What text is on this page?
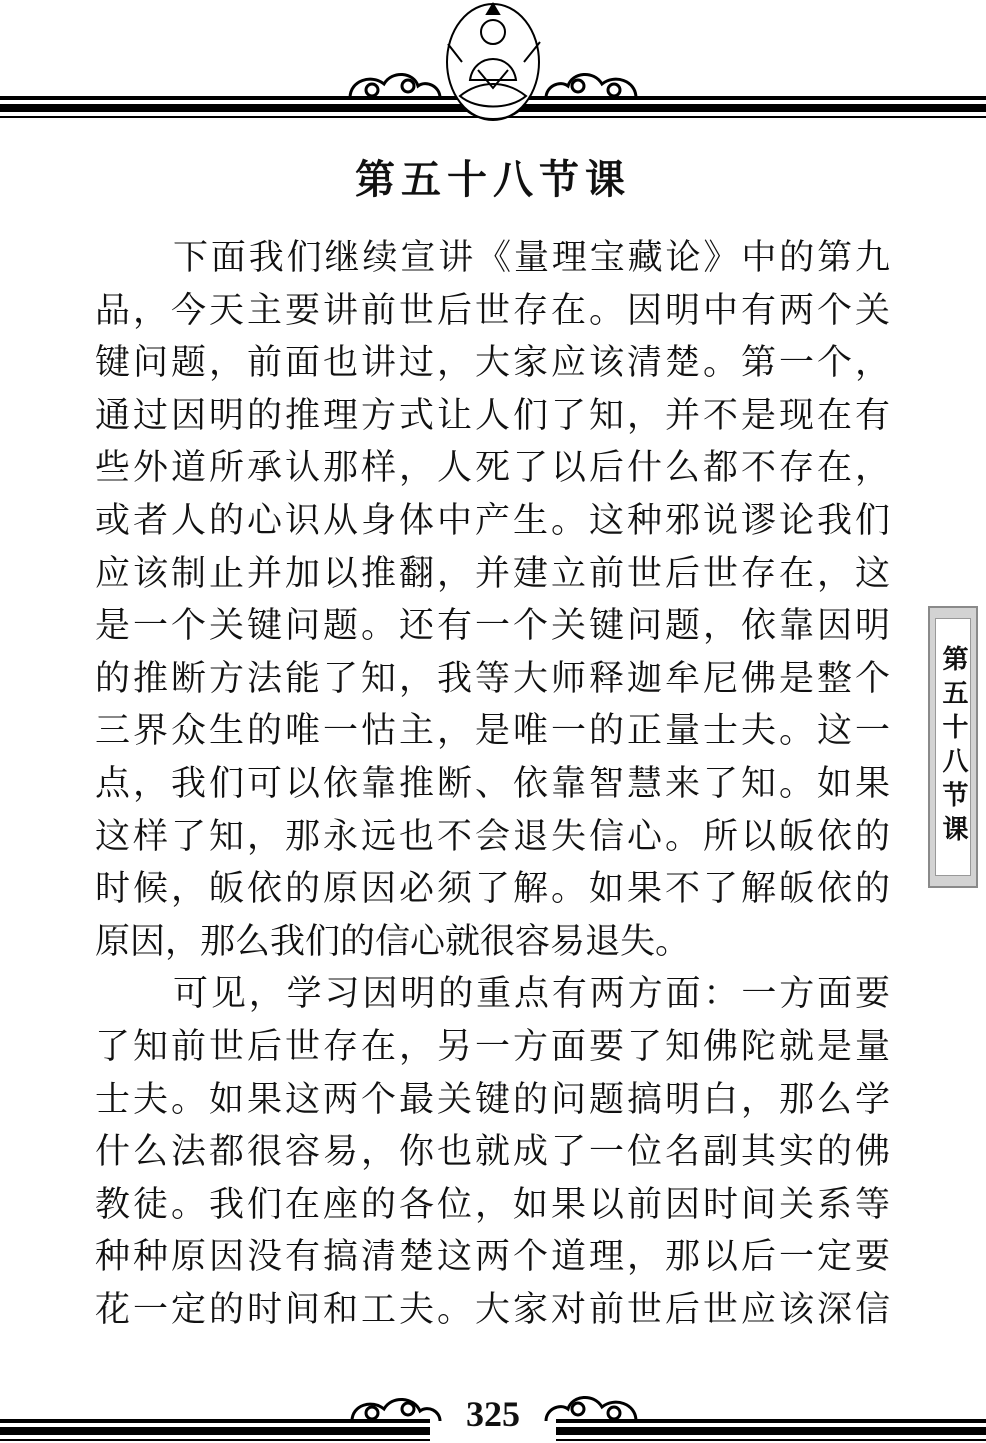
第五十八节课
下面我们继续宣讲《量理宝藏论》中的第九
品，今天主要讲前世后世存在。因明中有两个关
键问题，前面也讲过，大家应该清楚。第一个，
通过因明的推理方式让人们了知，并不是现在有
些外道所承认那样，人死了以后什么都不存在，
或者人的心识从身体中产生。这种邪说谬论我们
应该制止并加以推翻，并建立前世后世存在，这
是一个关键问题。还有一个关键问题，依靠因明
的推断方法能了知，我等大师释迦牟尼佛是整个
三界众生的唯一怙主，是唯一的正量士夫。这一
点，我们可以依靠推断、依靠智慧来了知。如果
这样了知，那永远也不会退失信心。所以皈依的
时候，皈依的原因必须了解。如果不了解皈依的
原因，那么我们的信心就很容易退失。
可见，学习因明的重点有两方面：一方面要
了知前世后世存在，另一方面要了知佛陀就是量
士夫。如果这两个最关键的问题搞明白，那么学
什么法都很容易，你也就成了一位名副其实的佛
教徒。我们在座的各位，如果以前因时间关系等
种种原因没有搞清楚这两个道理，那以后一定要
花一定的时间和工夫。大家对前世后世应该深信
第五十八节课
325
